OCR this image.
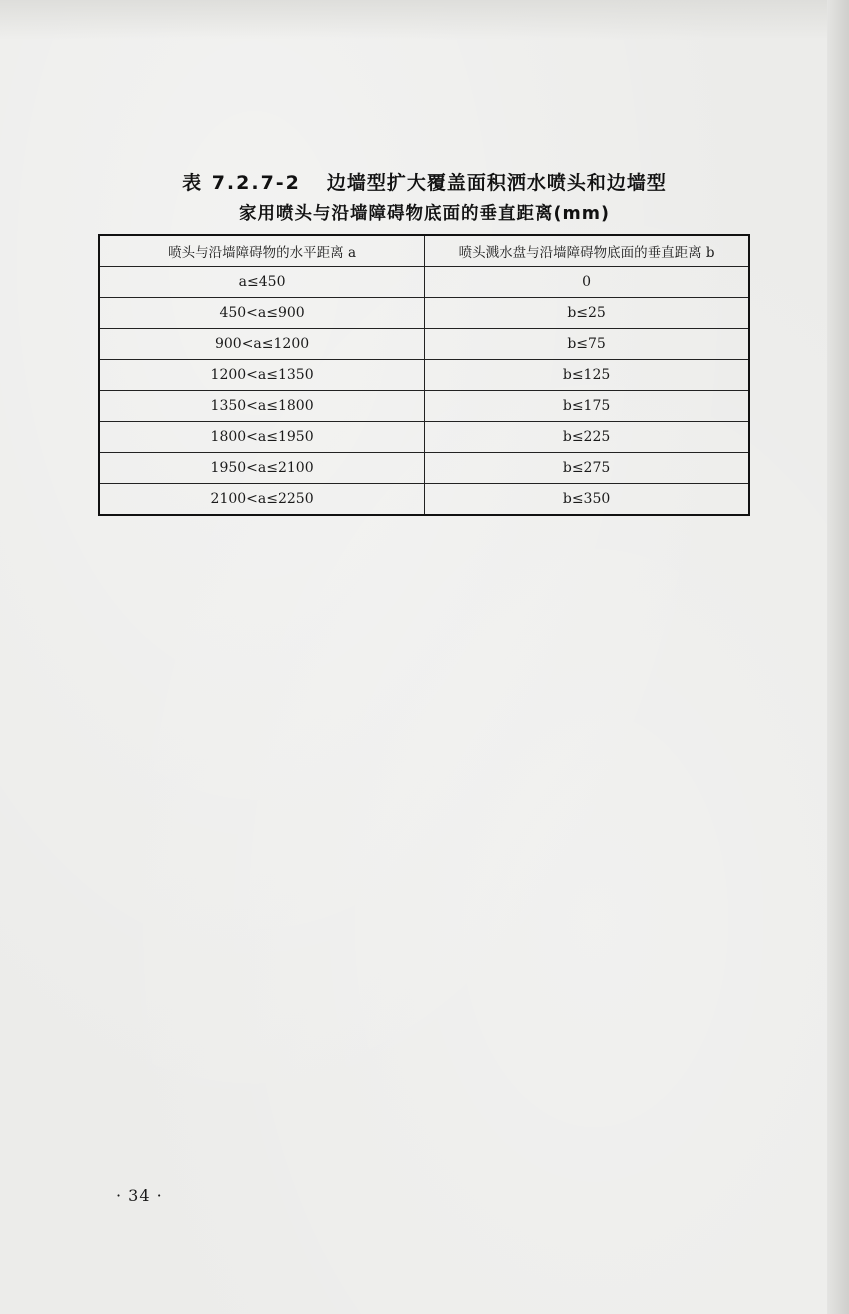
表 7.2.7-2 边墙型扩大覆盖面积洒水喷头和边墙型
家用喷头与沿墙障碍物底面的垂直距离(mm)
喷头与沿墙障碍物的水平距离 a	喷头溅水盘与沿墙障碍物底面的垂直距离 b
a≤450	0
450<a≤900	b≤25
900<a≤1200	b≤75
1200<a≤1350	b≤125
1350<a≤1800	b≤175
1800<a≤1950	b≤225
1950<a≤2100	b≤275
2100<a≤2250	b≤350
· 34 ·
